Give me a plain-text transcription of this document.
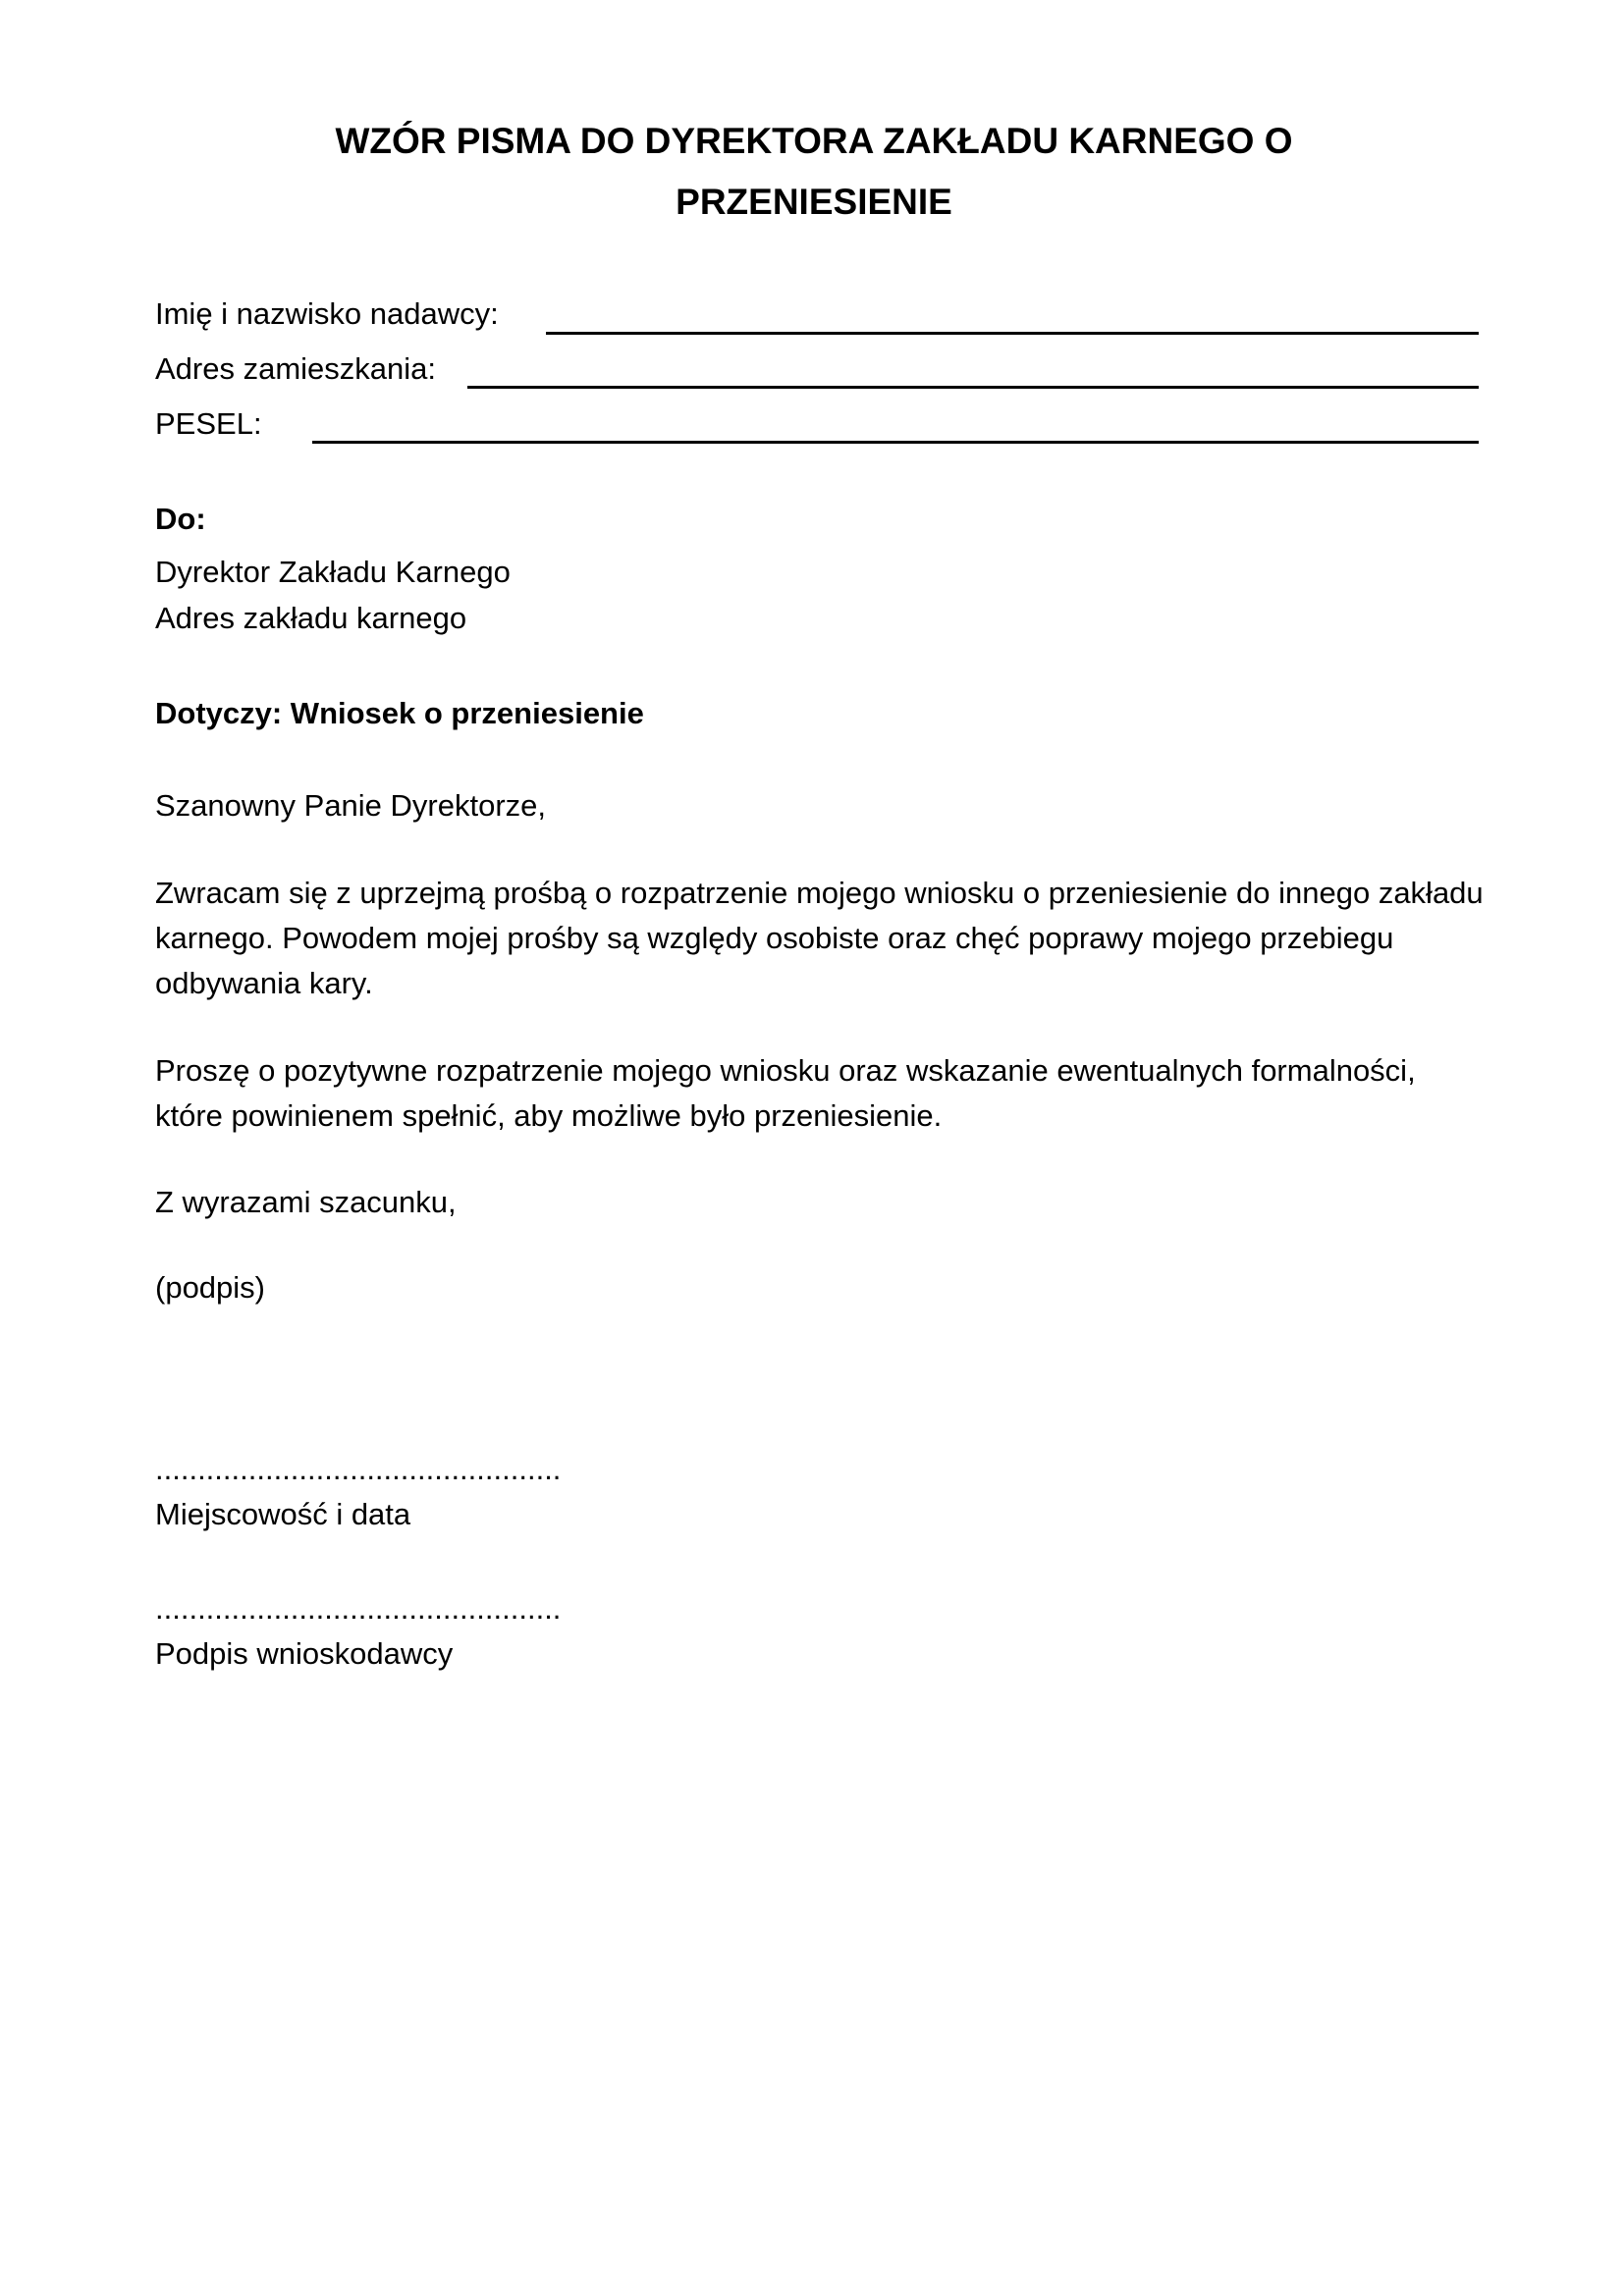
WZÓR PISMA DO DYREKTORA ZAKŁADU KARNEGO O
PRZENIESIENIE

Imię i nazwisko nadawcy:

Adres zamieszkania:

PESEL:

Do:

Dyrektor Zakładu Karnego

Adres zakładu karnego

Dotyczy: Wniosek o przeniesienie

Szanowny Panie Dyrektorze,

Zwracam się z uprzejmą prośbą o rozpatrzenie mojego wniosku o przeniesienie do innego zakładu

karnego. Powodem mojej prośby są względy osobiste oraz chęć poprawy mojego przebiegu

odbywania kary.

Proszę o pozytywne rozpatrzenie mojego wniosku oraz wskazanie ewentualnych formalności,

które powinienem spełnić, aby możliwe było przeniesienie.

Z wyrazami szacunku,

(podpis)

................................................

Miejscowość i data

................................................

Podpis wnioskodawcy
